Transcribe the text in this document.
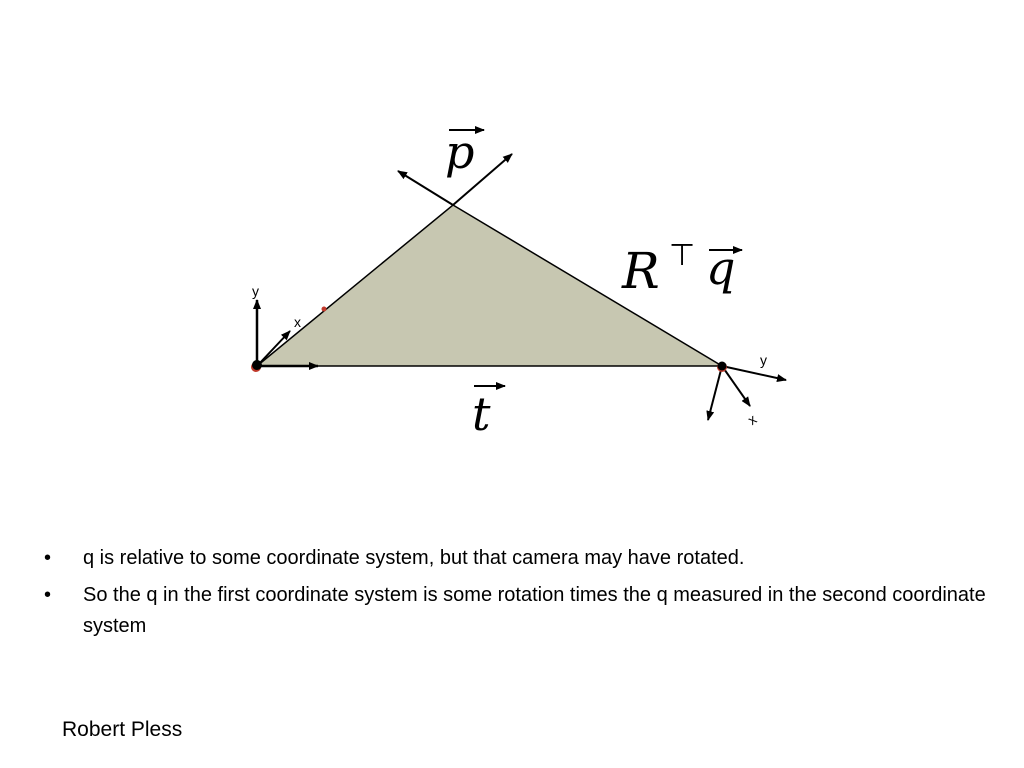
y
x
y
x
p
t
R ⊤ q
• q is relative to some coordinate system, but that camera may have rotated.
• So the q in the first coordinate system is some rotation times the q measured in the second coordinate system
Robert Pless
